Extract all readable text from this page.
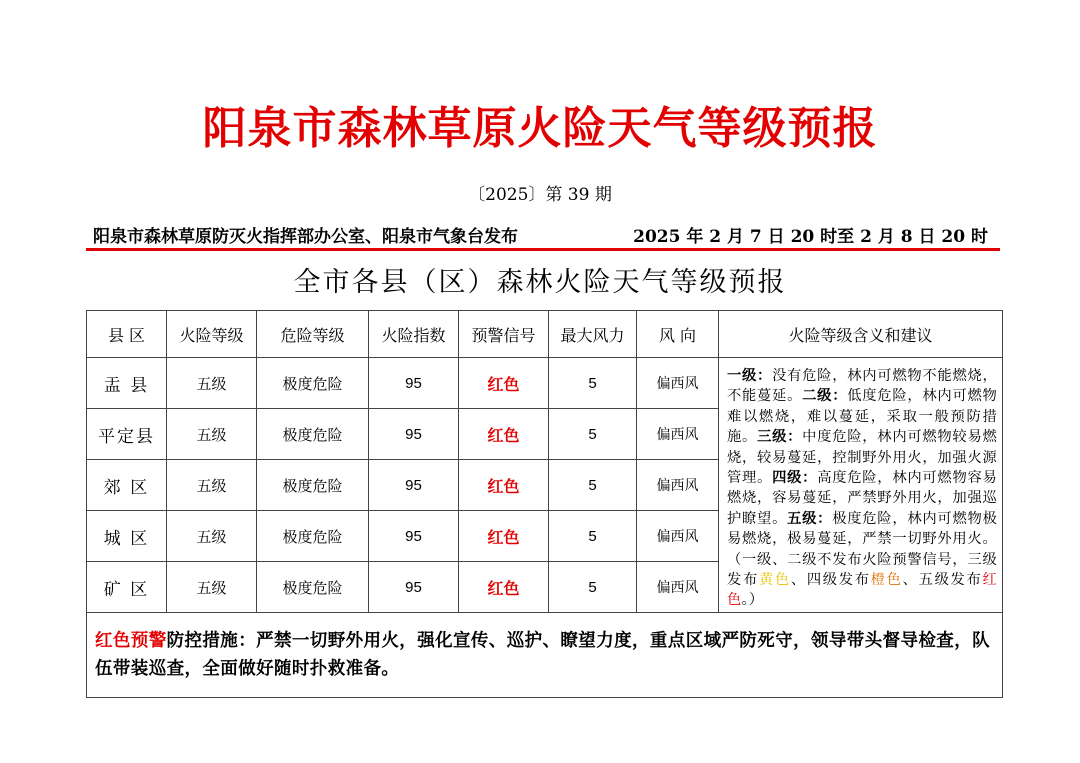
阳泉市森林草原火险天气等级预报
〔2025〕第 39 期
阳泉市森林草原防灭火指挥部办公室、阳泉市气象台发布	2025 年 2 月 7 日 20 时至 2 月 8 日 20 时
全市各县（区）森林火险天气等级预报
县 区	火险等级	危险等级	火险指数	预警信号	最大风力	风 向	火险等级含义和建议
盂 县	五级	极度危险	95	红色	5	偏西风	一级：没有危险，林内可燃物不能燃烧，不能蔓延。二级：低度危险，林内可燃物难以燃烧，难以蔓延，采取一般预防措施。三级：中度危险，林内可燃物较易燃烧，较易蔓延，控制野外用火，加强火源管理。四级：高度危险，林内可燃物容易燃烧，容易蔓延，严禁野外用火，加强巡护瞭望。五级：极度危险，林内可燃物极易燃烧，极易蔓延，严禁一切野外用火。（一级、二级不发布火险预警信号，三级发布黄色、四级发布橙色、五级发布红色。）
平定县	五级	极度危险	95	红色	5	偏西风	
郊 区	五级	极度危险	95	红色	5	偏西风	
城 区	五级	极度危险	95	红色	5	偏西风	
矿 区	五级	极度危险	95	红色	5	偏西风	
红色预警防控措施：严禁一切野外用火，强化宣传、巡护、瞭望力度，重点区域严防死守，领导带头督导检查，队伍带装巡查，全面做好随时扑救准备。							
